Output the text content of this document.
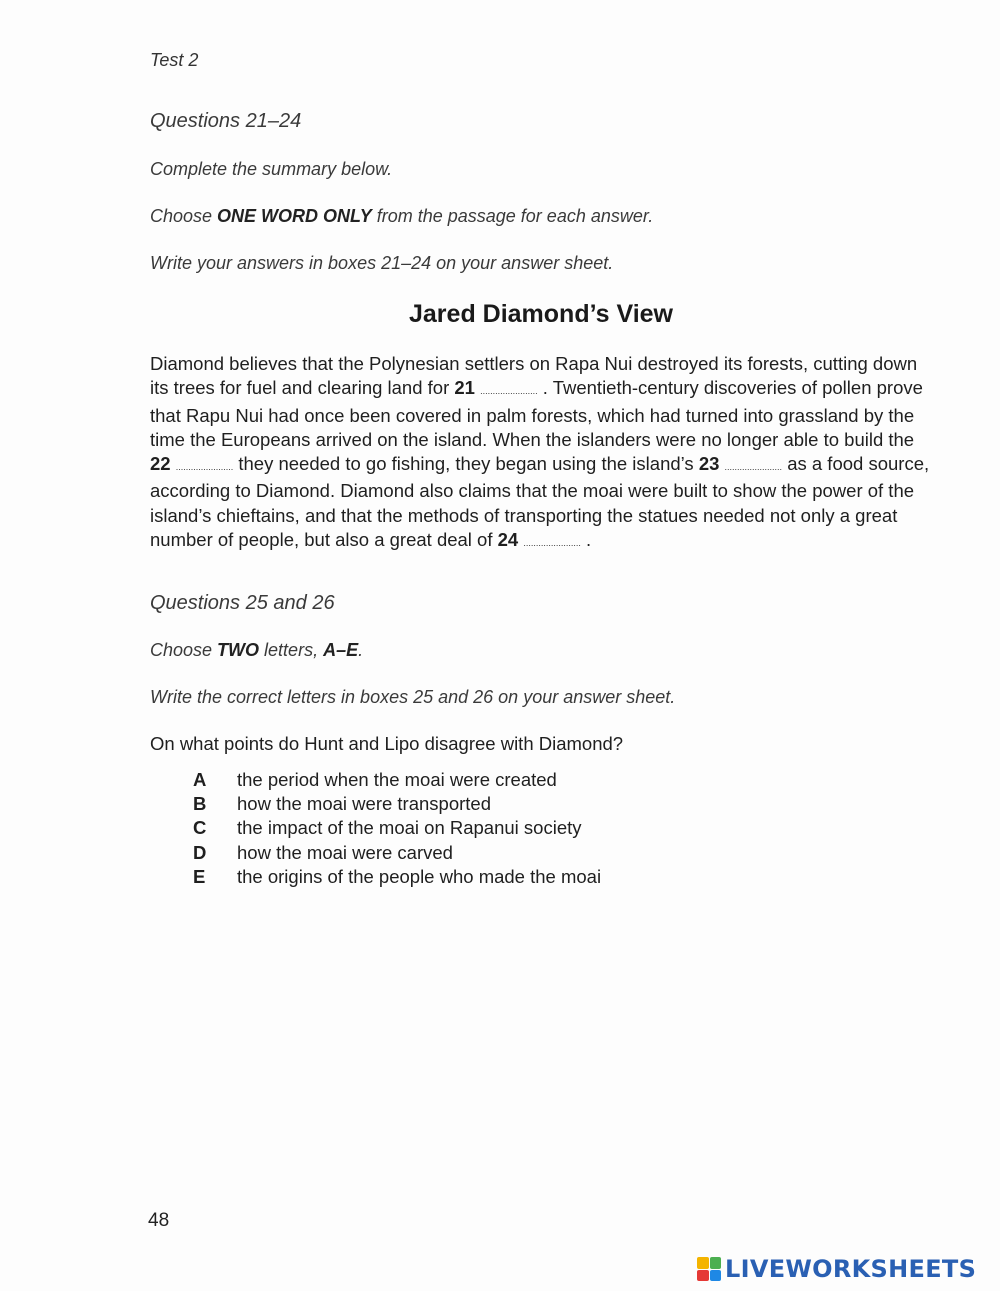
Test 2
Questions 21–24
Complete the summary below.
Choose ONE WORD ONLY from the passage for each answer.
Write your answers in boxes 21–24 on your answer sheet.
Jared Diamond’s View
Diamond believes that the Polynesian settlers on Rapa Nui destroyed its forests, cutting down its trees for fuel and clearing land for 21 ....................... . Twentieth-century discoveries of pollen prove that Rapu Nui had once been covered in palm forests, which had turned into grassland by the time the Europeans arrived on the island. When the islanders were no longer able to build the 22 ....................... they needed to go fishing, they began using the island’s 23 ....................... as a food source, according to Diamond. Diamond also claims that the moai were built to show the power of the island’s chieftains, and that the methods of transporting the statues needed not only a great number of people, but also a great deal of 24 ....................... .
Questions 25 and 26
Choose TWO letters, A–E.
Write the correct letters in boxes 25 and 26 on your answer sheet.
On what points do Hunt and Lipo disagree with Diamond?
A	the period when the moai were created
B	how the moai were transported
C	the impact of the moai on Rapanui society
D	how the moai were carved
E	the origins of the people who made the moai
48
LIVEWORKSHEETS
